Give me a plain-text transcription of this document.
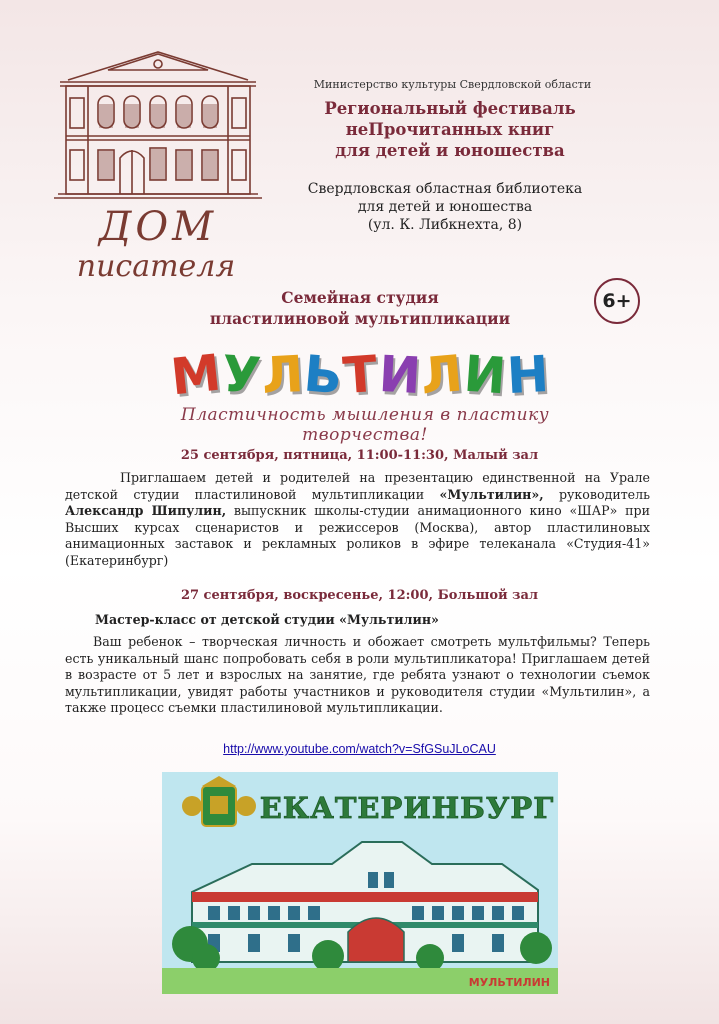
ДОМ
писателя
Министерство культуры Свердловской области
Региональный фестиваль
неПрочитанных книг
для детей и юношества
Свердловская областная библиотека
для детей и юношества
(ул. К. Либкнехта, 8)
Семейная студия
пластилиновой мультипликации
6+
М
У
Л
Ь
Т
И
Л
И
Н
Пластичность мышления в пластику творчества!
25 сентября, пятница, 11:00-11:30, Малый зал

Приглашаем детей и родителей на презентацию единственной на Урале детской студии пластилиновой мультипликации «Мультилин», руководитель Александр Шипулин, выпускник школы-студии анимационного кино «ШАР» при Высших курсах сценаристов и режиссеров (Москва), автор пластилиновых анимационных заставок и рекламных роликов в эфире телеканала «Студия-41» (Екатеринбург)

27 сентября, воскресенье, 12:00, Большой зал
Мастер-класс от детской студии «Мультилин»

Ваш ребенок – творческая личность и обожает смотреть мультфильмы? Теперь есть уникальный шанс попробовать себя в роли мультипликатора! Приглашаем детей в возрасте от 5 лет и взрослых на занятие, где ребята узнают о технологии съемок мультипликации, увидят работы участников и руководителя студии «Мультилин», а также процесс съемки пластилиновой мультипликации.

http://www.youtube.com/watch?v=SfGSuJLoCAU
ЕКАТЕРИНБУРГ
МУЛЬТИЛИН
